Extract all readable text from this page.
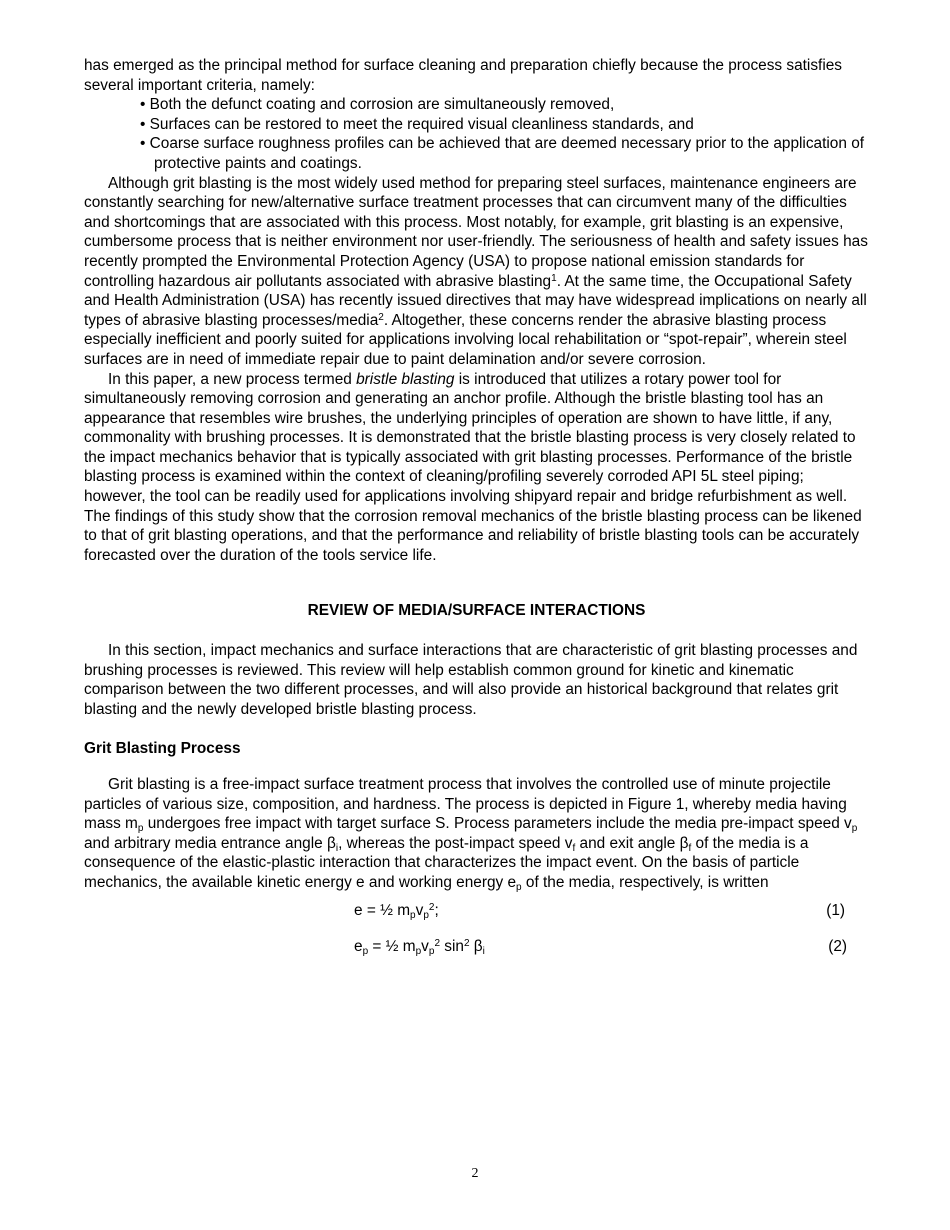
has emerged as the principal method for surface cleaning and preparation chiefly because the process satisfies several important criteria, namely:

• Both the defunct coating and corrosion are simultaneously removed,
• Surfaces can be restored to meet the required visual cleanliness standards, and
• Coarse surface roughness profiles can be achieved that are deemed necessary prior to the application of protective paints and coatings.

Although grit blasting is the most widely used method for preparing steel surfaces, maintenance engineers are constantly searching for new/alternative surface treatment processes that can circumvent many of the difficulties and shortcomings that are associated with this process. Most notably, for example, grit blasting is an expensive, cumbersome process that is neither environment nor user-friendly. The seriousness of health and safety issues has recently prompted the Environmental Protection Agency (USA) to propose national emission standards for controlling hazardous air pollutants associated with abrasive blasting$^1$. At the same time, the Occupational Safety and Health Administration (USA) has recently issued directives that may have widespread implications on nearly all types of abrasive blasting processes/media$^2$. Altogether, these concerns render the abrasive blasting process especially inefficient and poorly suited for applications involving local rehabilitation or “spot-repair”, wherein steel surfaces are in need of immediate repair due to paint delamination and/or severe corrosion.

In this paper, a new process termed bristle blasting is introduced that utilizes a rotary power tool for simultaneously removing corrosion and generating an anchor profile. Although the bristle blasting tool has an appearance that resembles wire brushes, the underlying principles of operation are shown to have little, if any, commonality with brushing processes. It is demonstrated that the bristle blasting process is very closely related to the impact mechanics behavior that is typically associated with grit blasting processes. Performance of the bristle blasting process is examined within the context of cleaning/profiling severely corroded API 5L steel piping; however, the tool can be readily used for applications involving shipyard repair and bridge refurbishment as well. The findings of this study show that the corrosion removal mechanics of the bristle blasting process can be likened to that of grit blasting operations, and that the performance and reliability of bristle blasting tools can be accurately forecasted over the duration of the tools service life.

REVIEW OF MEDIA/SURFACE INTERACTIONS

In this section, impact mechanics and surface interactions that are characteristic of grit blasting processes and brushing processes is reviewed. This review will help establish common ground for kinetic and kinematic comparison between the two different processes, and will also provide an historical background that relates grit blasting and the newly developed bristle blasting process.

Grit Blasting Process

Grit blasting is a free-impact surface treatment process that involves the controlled use of minute projectile particles of various size, composition, and hardness. The process is depicted in Figure 1, whereby media having mass $m_p$ undergoes free impact with target surface S. Process parameters include the media pre-impact speed $v_p$ and arbitrary media entrance angle $\beta_i$, whereas the post-impact speed $v_f$ and exit angle $\beta_f$ of the media is a consequence of the elastic-plastic interaction that characterizes the impact event. On the basis of particle mechanics, the available kinetic energy e and working energy $e_p$ of the media, respectively, is written

e = ½ $m_pv_p^2$;	(1)
$e_p$ = ½ $m_pv_p^2$ $\sin^2 \beta_i$	(2)
2
